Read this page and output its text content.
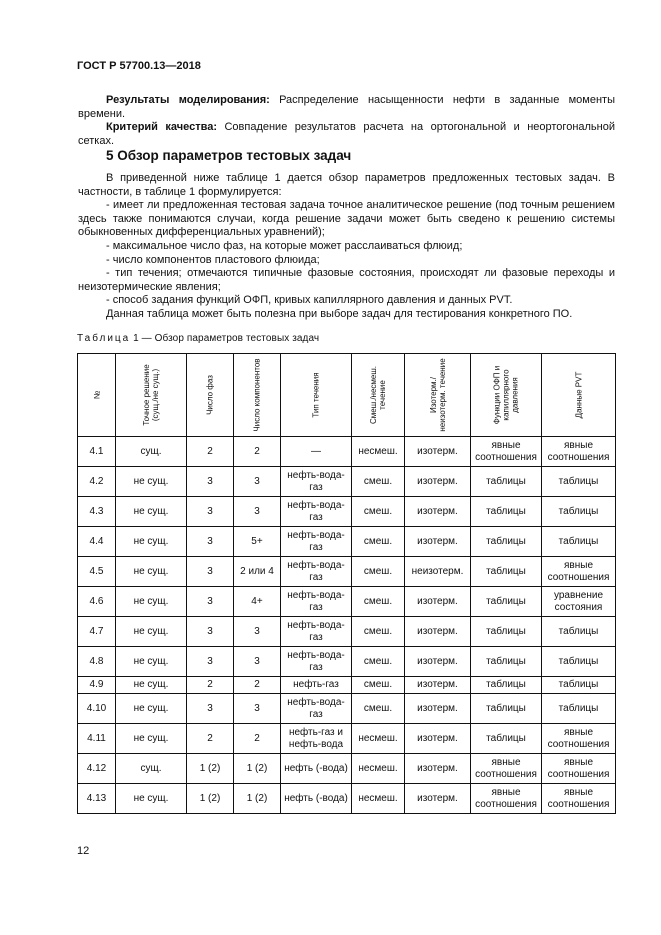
ГОСТ Р 57700.13—2018
Результаты моделирования: Распределение насыщенности нефти в заданные моменты времени.
Критерий качества: Совпадение результатов расчета на ортогональной и неортогональной сетках.
5 Обзор параметров тестовых задач
В приведенной ниже таблице 1 дается обзор параметров предложенных тестовых задач. В частности, в таблице 1 формулируется:
- имеет ли предложенная тестовая задача точное аналитическое решение (под точным решением здесь также понимаются случаи, когда решение задачи может быть сведено к решению системы обыкновенных дифференциальных уравнений);
- максимальное число фаз, на которые может расслаиваться флюид;
- число компонентов пластового флюида;
- тип течения; отмечаются типичные фазовые состояния, происходят ли фазовые переходы и неизотермические явления;
- способ задания функций ОФП, кривых капиллярного давления и данных PVT.
Данная таблица может быть полезна при выборе задач для тестирования конкретного ПО.
Таблица 1 — Обзор параметров тестовых задач
№	Точное решение (сущ./не сущ.)	Число фаз	Число компонентов	Тип течения	Смеш./несмеш. течение	Изотерм./неизотерм. течение	Функции ОФП и капиллярного давления	Данные PVT

4.1	сущ.	2	2	—	несмеш.	изотерм.	явные соотношения	явные соотношения
4.2	не сущ.	3	3	нефть-вода-газ	смеш.	изотерм.	таблицы	таблицы
4.3	не сущ.	3	3	нефть-вода-газ	смеш.	изотерм.	таблицы	таблицы
4.4	не сущ.	3	5+	нефть-вода-газ	смеш.	изотерм.	таблицы	таблицы
4.5	не сущ.	3	2 или 4	нефть-вода-газ	смеш.	неизотерм.	таблицы	явные соотношения
4.6	не сущ.	3	4+	нефть-вода-газ	смеш.	изотерм.	таблицы	уравнение состояния
4.7	не сущ.	3	3	нефть-вода-газ	смеш.	изотерм.	таблицы	таблицы
4.8	не сущ.	3	3	нефть-вода-газ	смеш.	изотерм.	таблицы	таблицы
4.9	не сущ.	2	2	нефть-газ	смеш.	изотерм.	таблицы	таблицы
4.10	не сущ.	3	3	нефть-вода-газ	смеш.	изотерм.	таблицы	таблицы
4.11	не сущ.	2	2	нефть-газ и нефть-вода	несмеш.	изотерм.	таблицы	явные соотношения
4.12	сущ.	1 (2)	1 (2)	нефть (-вода)	несмеш.	изотерм.	явные соотношения	явные соотношения
4.13	не сущ.	1 (2)	1 (2)	нефть (-вода)	несмеш.	изотерм.	явные соотношения	явные соотношения
12
